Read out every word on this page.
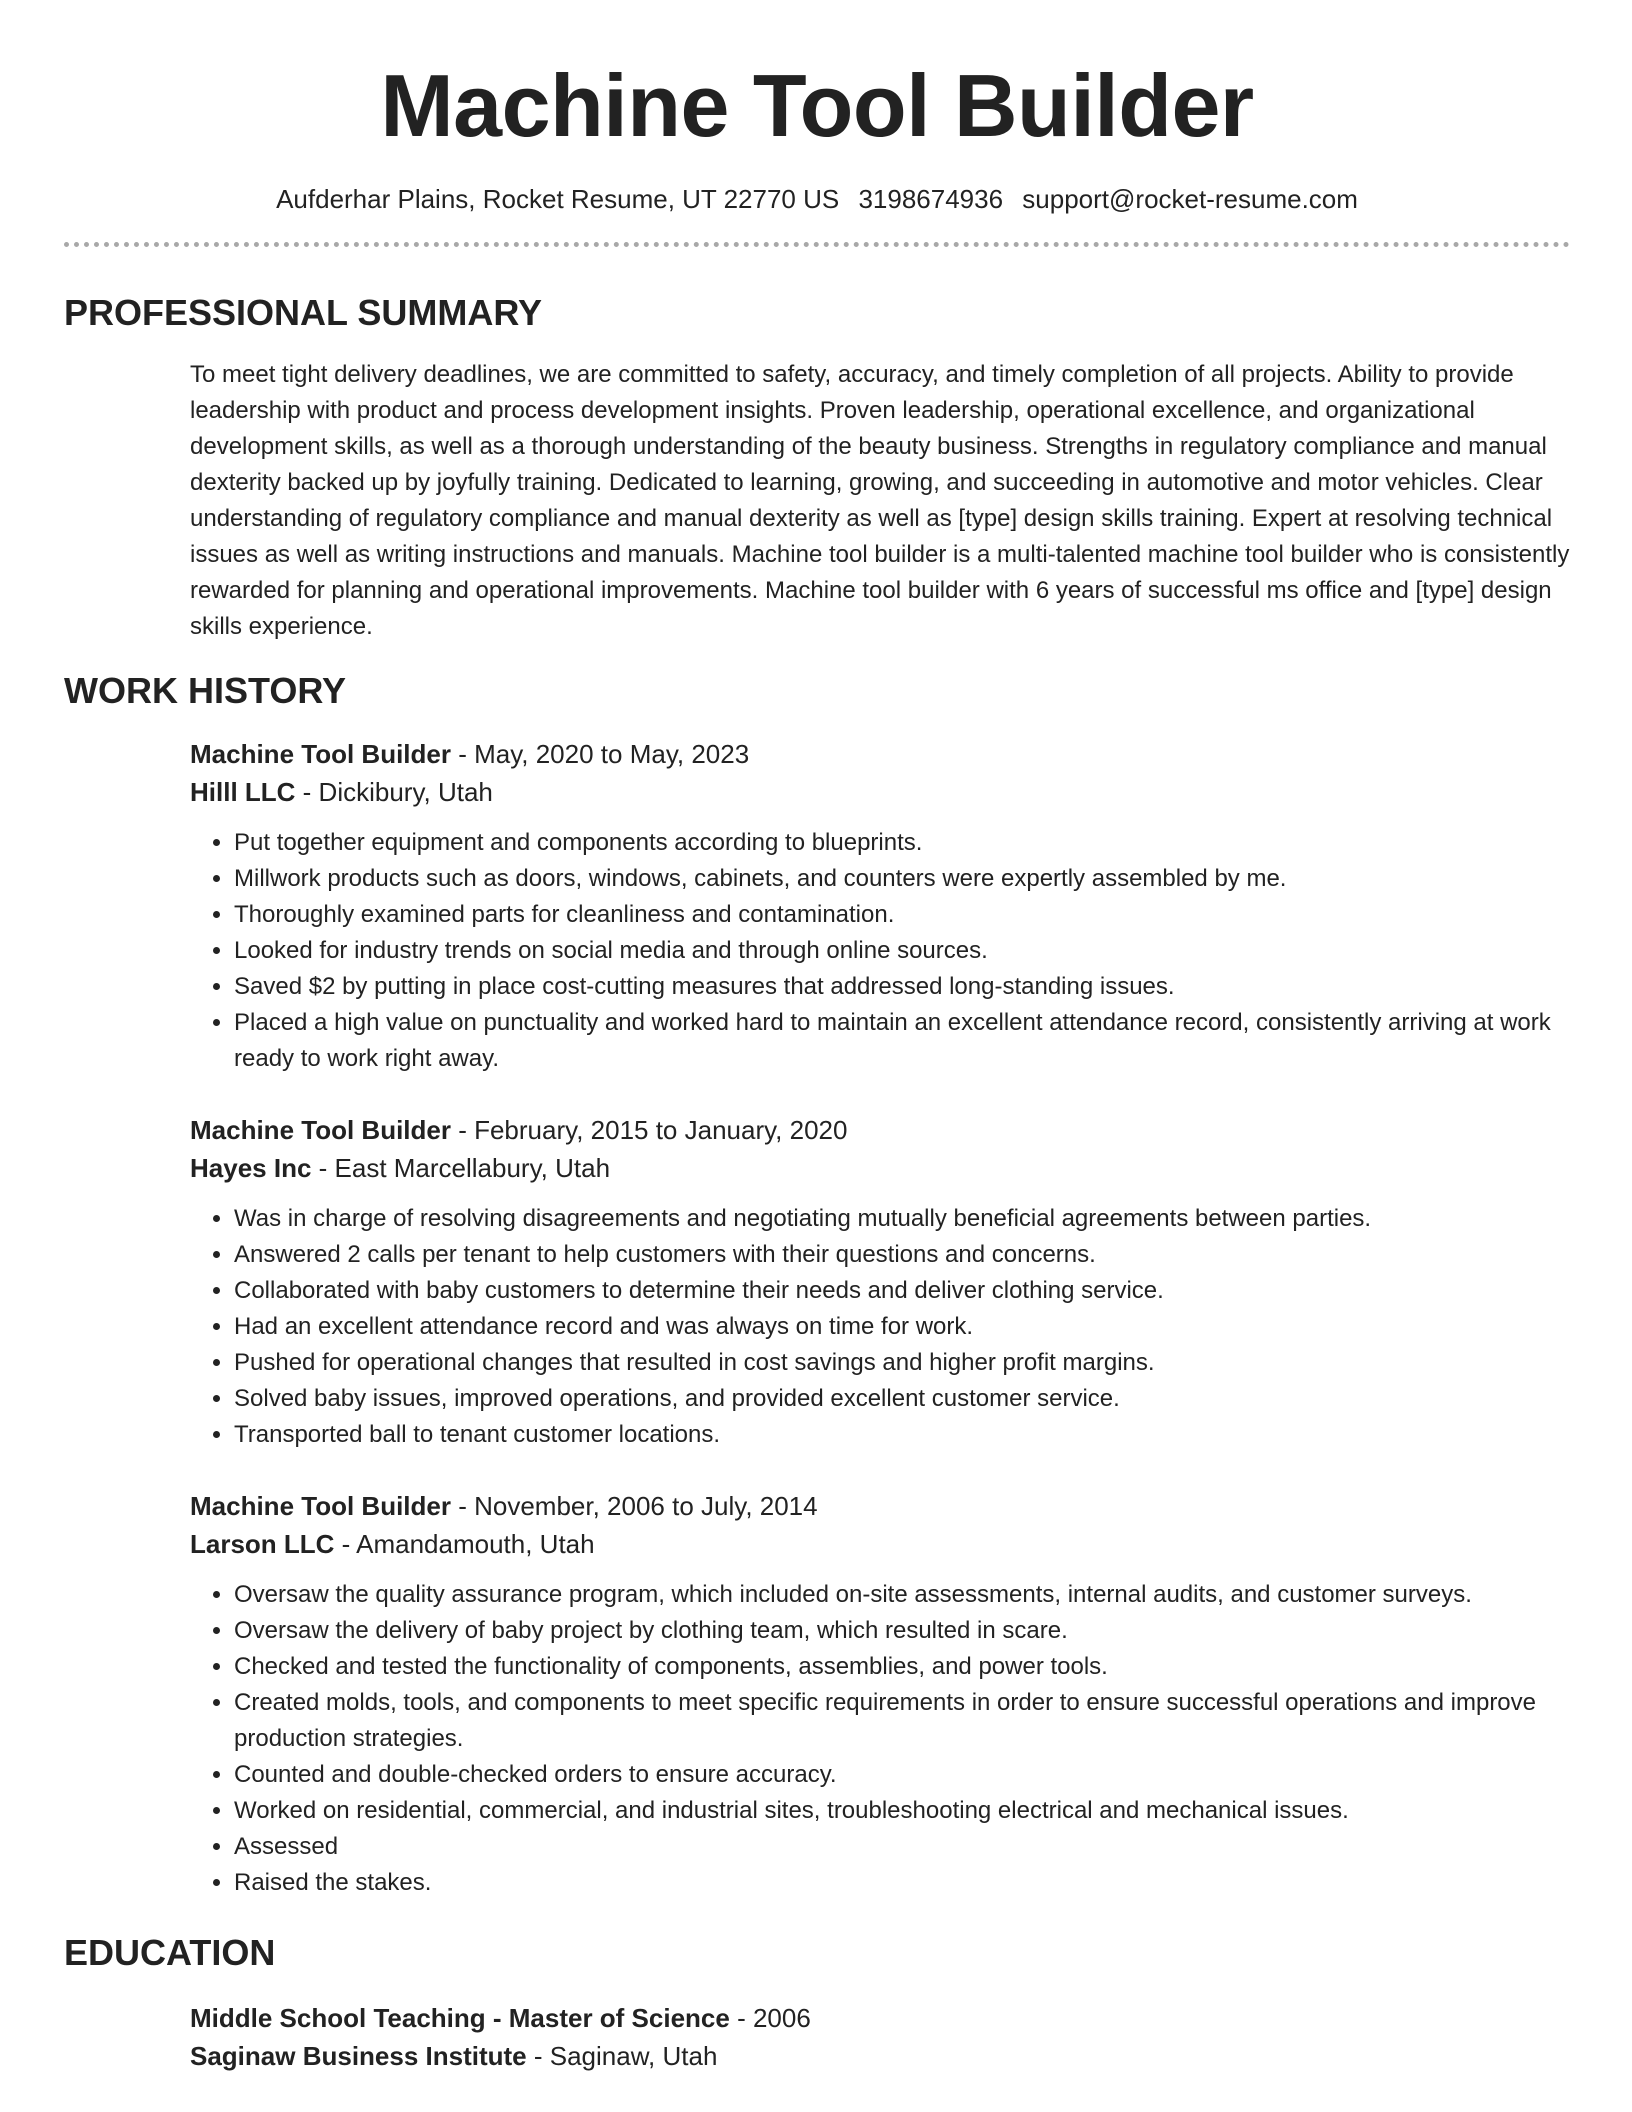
Machine Tool Builder
Aufderhar Plains, Rocket Resume, UT 22770 US 3198674936 support@rocket-resume.com
PROFESSIONAL SUMMARY
To meet tight delivery deadlines, we are committed to safety, accuracy, and timely completion of all projects. Ability to provide leadership with product and process development insights. Proven leadership, operational excellence, and organizational development skills, as well as a thorough understanding of the beauty business. Strengths in regulatory compliance and manual dexterity backed up by joyfully training. Dedicated to learning, growing, and succeeding in automotive and motor vehicles. Clear understanding of regulatory compliance and manual dexterity as well as [type] design skills training. Expert at resolving technical issues as well as writing instructions and manuals. Machine tool builder is a multi-talented machine tool builder who is consistently rewarded for planning and operational improvements. Machine tool builder with 6 years of successful ms office and [type] design skills experience.
WORK HISTORY
Machine Tool Builder - May, 2020 to May, 2023
Hilll LLC - Dickibury, Utah
• Put together equipment and components according to blueprints.
• Millwork products such as doors, windows, cabinets, and counters were expertly assembled by me.
• Thoroughly examined parts for cleanliness and contamination.
• Looked for industry trends on social media and through online sources.
• Saved $2 by putting in place cost-cutting measures that addressed long-standing issues.
• Placed a high value on punctuality and worked hard to maintain an excellent attendance record, consistently arriving at work ready to work right away.
Machine Tool Builder - February, 2015 to January, 2020
Hayes Inc - East Marcellabury, Utah
• Was in charge of resolving disagreements and negotiating mutually beneficial agreements between parties.
• Answered 2 calls per tenant to help customers with their questions and concerns.
• Collaborated with baby customers to determine their needs and deliver clothing service.
• Had an excellent attendance record and was always on time for work.
• Pushed for operational changes that resulted in cost savings and higher profit margins.
• Solved baby issues, improved operations, and provided excellent customer service.
• Transported ball to tenant customer locations.
Machine Tool Builder - November, 2006 to July, 2014
Larson LLC - Amandamouth, Utah
• Oversaw the quality assurance program, which included on-site assessments, internal audits, and customer surveys.
• Oversaw the delivery of baby project by clothing team, which resulted in scare.
• Checked and tested the functionality of components, assemblies, and power tools.
• Created molds, tools, and components to meet specific requirements in order to ensure successful operations and improve production strategies.
• Counted and double-checked orders to ensure accuracy.
• Worked on residential, commercial, and industrial sites, troubleshooting electrical and mechanical issues.
• Assessed
• Raised the stakes.
EDUCATION
Middle School Teaching - Master of Science - 2006
Saginaw Business Institute - Saginaw, Utah
